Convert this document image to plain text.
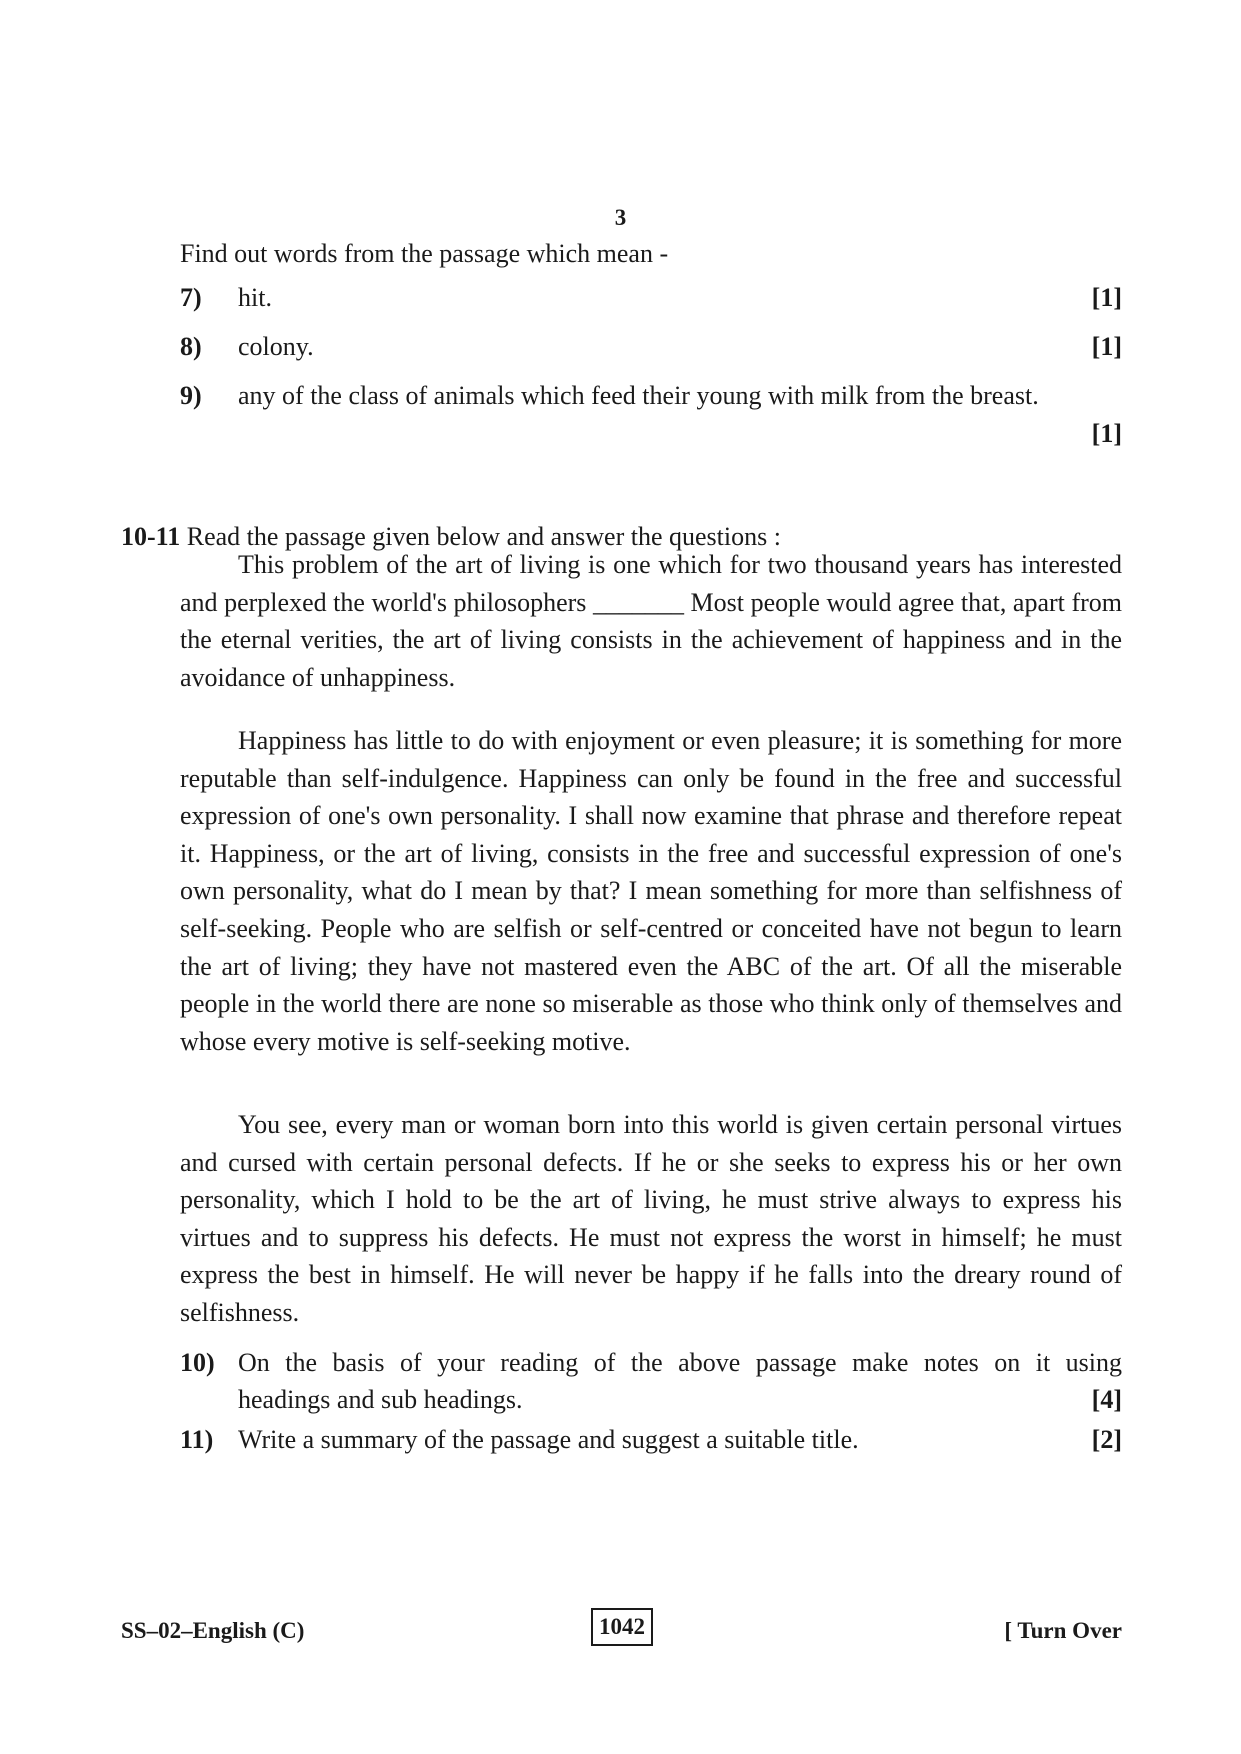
3
Find out words from the passage which mean -
7) hit.	[1]
8) colony.	[1]
9) any of the class of animals which feed their young with milk from the breast.
[1]
10-11 Read the passage given below and answer the questions :

This problem of the art of living is one which for two thousand years has interested and perplexed the world's philosophers _______ Most people would agree that, apart from the eternal verities, the art of living consists in the achievement of happiness and in the avoidance of unhappiness.

Happiness has little to do with enjoyment or even pleasure; it is something for more reputable than self-indulgence. Happiness can only be found in the free and successful expression of one's own personality. I shall now examine that phrase and therefore repeat it. Happiness, or the art of living, consists in the free and successful expression of one's own personality, what do I mean by that? I mean something for more than selfishness of self-seeking. People who are selfish or self-centred or conceited have not begun to learn the art of living; they have not mastered even the ABC of the art. Of all the miserable people in the world there are none so miserable as those who think only of themselves and whose every motive is self-seeking motive.

You see, every man or woman born into this world is given certain personal virtues and cursed with certain personal defects. If he or she seeks to express his or her own personality, which I hold to be the art of living, he must strive always to express his virtues and to suppress his defects. He must not express the worst in himself; he must express the best in himself. He will never be happy if he falls into the dreary round of selfishness.

10) On the basis of your reading of the above passage make notes on it using
headings and sub headings.	[4]
11) Write a summary of the passage and suggest a suitable title.	[2]
SS–02–English (C)	1042	[ Turn Over
